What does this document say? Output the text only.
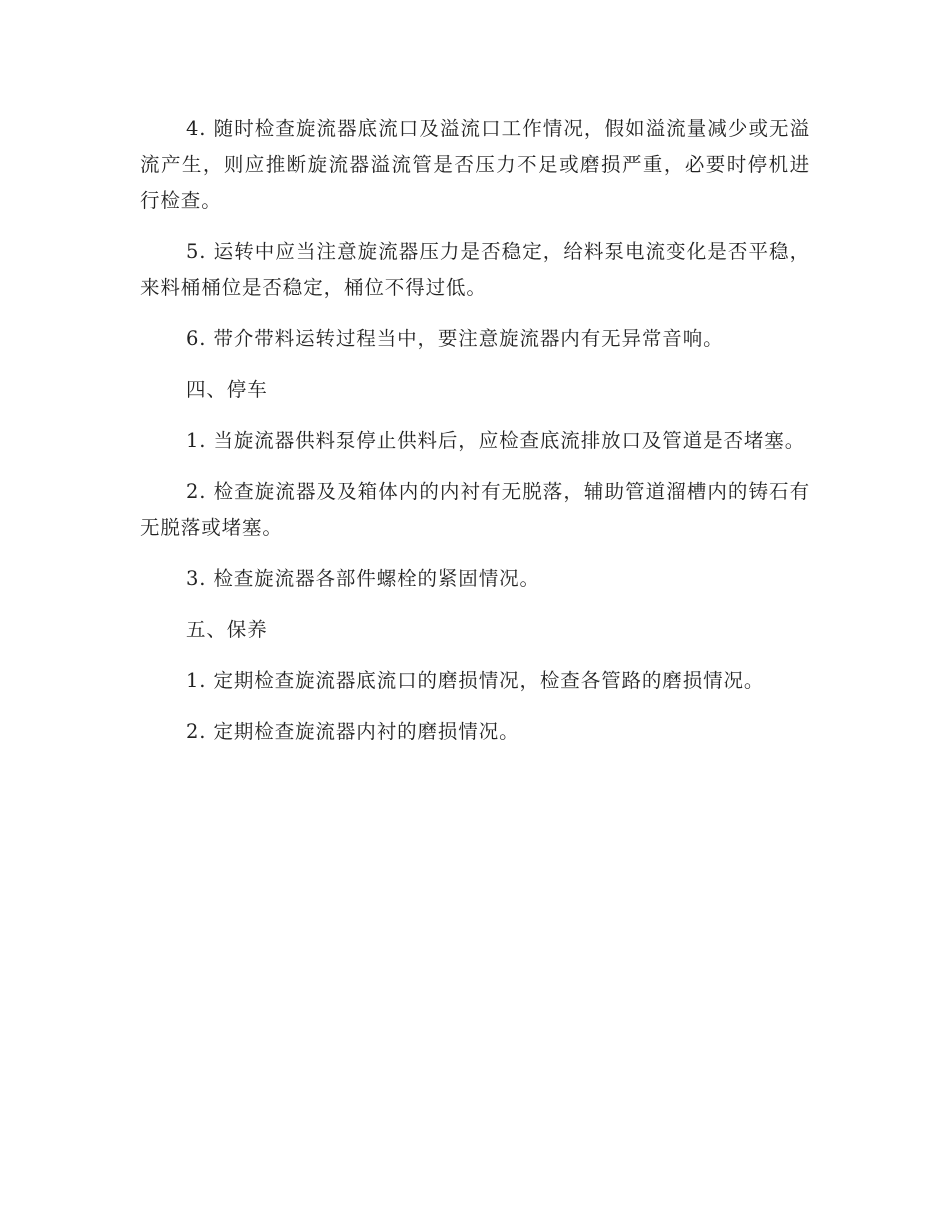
4. 随时检查旋流器底流口及溢流口工作情况，假如溢流量减少或无溢流产生，则应推断旋流器溢流管是否压力不足或磨损严重，必要时停机进行检查。

5. 运转中应当注意旋流器压力是否稳定，给料泵电流变化是否平稳，来料桶桶位是否稳定，桶位不得过低。

6. 带介带料运转过程当中，要注意旋流器内有无异常音响。

四、停车

1. 当旋流器供料泵停止供料后，应检查底流排放口及管道是否堵塞。

2. 检查旋流器及及箱体内的内衬有无脱落，辅助管道溜槽内的铸石有无脱落或堵塞。

3. 检查旋流器各部件螺栓的紧固情况。

五、保养

1. 定期检查旋流器底流口的磨损情况，检查各管路的磨损情况。

2. 定期检查旋流器内衬的磨损情况。
